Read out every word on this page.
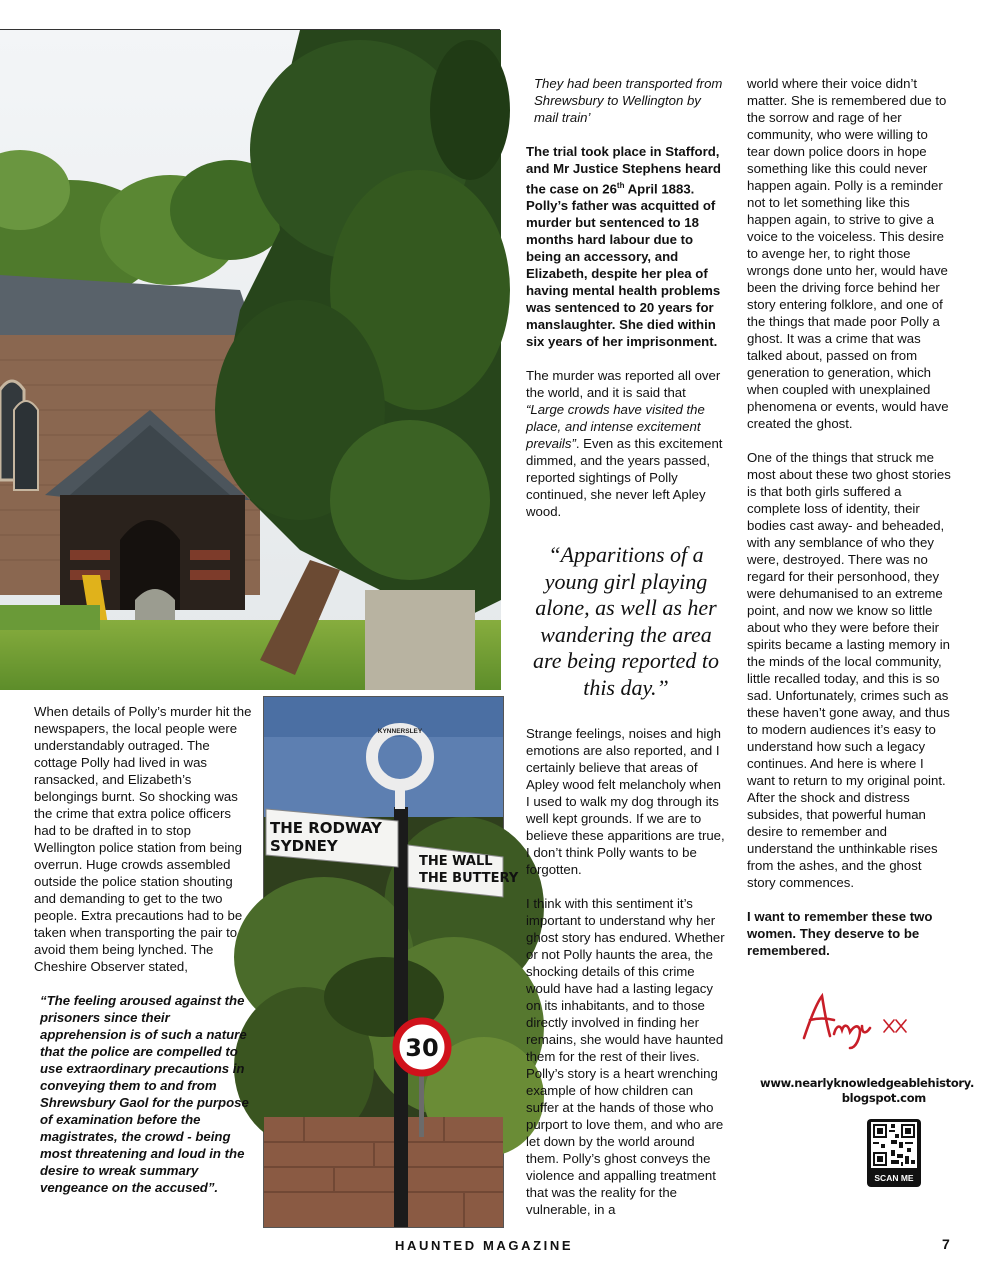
KYNNERSLEY
THE RODWAY
SYDNEY
THE WALL
THE BUTTERY
30

When details of Polly’s murder hit the newspapers, the local people were understandably outraged. The cottage Polly had lived in was ransacked, and Elizabeth’s belongings burnt. So shocking was the crime that extra police officers had to be drafted in to stop Wellington police station from being overrun. Huge crowds assembled outside the police station shouting and demanding to get to the two people. Extra precautions had to be taken when transporting the pair to avoid them being lynched. The Cheshire Observer stated,

“The feeling aroused against the prisoners since their apprehension is of such a nature that the police are compelled to use extraordinary precautions in conveying them to and from Shrewsbury Gaol for the purpose of examination before the magistrates, the crowd - being most threatening and loud in the desire to wreak summary vengeance on the accused”.

They had been transported from Shrewsbury to Wellington by mail train’

The trial took place in Stafford, and Mr Justice Stephens heard the case on 26th April 1883. Polly’s father was acquitted of murder but sentenced to 18 months hard labour due to being an accessory, and Elizabeth, despite her plea of having mental health problems was sentenced to 20 years for manslaughter. She died within six years of her imprisonment.

The murder was reported all over the world, and it is said that “Large crowds have visited the place, and intense excitement prevails”. Even as this excitement dimmed, and the years passed, reported sightings of Polly continued, she never left Apley wood.

“Apparitions of a young girl playing alone, as well as her wandering the area are being reported to this day.”

Strange feelings, noises and high emotions are also reported, and I certainly believe that areas of Apley wood felt melancholy when I used to walk my dog through its well kept grounds. If we are to believe these apparitions are true, I don’t think Polly wants to be forgotten.

I think with this sentiment it’s important to understand why her ghost story has endured. Whether or not Polly haunts the area, the shocking details of this crime would have had a lasting legacy on its inhabitants, and to those directly involved in finding her remains, she would have haunted them for the rest of their lives. Polly’s story is a heart wrenching example of how children can suffer at the hands of those who purport to love them, and who are let down by the world around them. Polly’s ghost conveys the violence and appalling treatment that was the reality for the vulnerable, in a

world where their voice didn’t matter. She is remembered due to the sorrow and rage of her community, who were willing to tear down police doors in hope something like this could never happen again. Polly is a reminder not to let something like this happen again, to strive to give a voice to the voiceless. This desire to avenge her, to right those wrongs done unto her, would have been the driving force behind her story entering folklore, and one of the things that made poor Polly a ghost. It was a crime that was talked about, passed on from generation to generation, which when coupled with unexplained phenomena or events, would have created the ghost.

One of the things that struck me most about these two ghost stories is that both girls suffered a complete loss of identity, their bodies cast away- and beheaded, with any semblance of who they were, destroyed. There was no regard for their personhood, they were dehumanised to an extreme point, and now we know so little about who they were before their spirits became a lasting memory in the minds of the local community, little recalled today, and this is so sad. Unfortunately, crimes such as these haven’t gone away, and thus to modern audiences it’s easy to understand how such a legacy continues. And here is where I want to return to my original point. After the shock and distress subsides, that powerful human desire to remember and understand the unthinkable rises from the ashes, and the ghost story commences.

I want to remember these two women. They deserve to be remembered.

Amy xx
www.nearlyknowledgeablehistory.
blogspot.com
SCAN ME
HAUNTED MAGAZINE	7
